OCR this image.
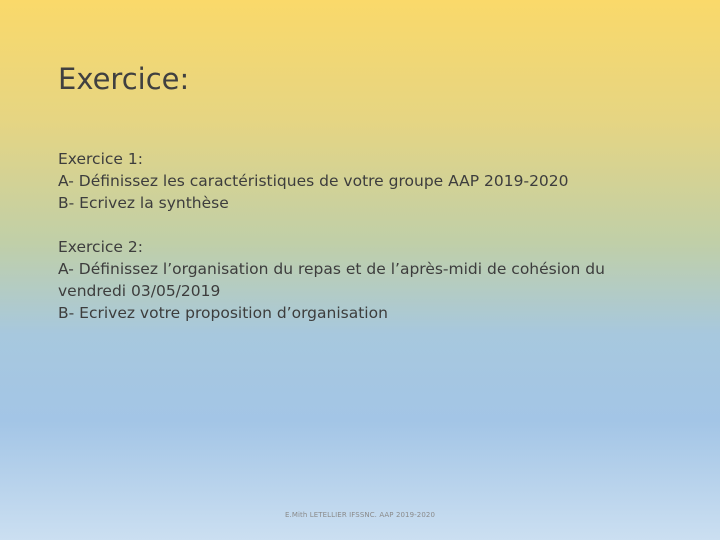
Exercice:
Exercice 1:
A- Définissez les caractéristiques de votre groupe AAP 2019-2020
B- Ecrivez la synthèse
Exercice 2:
A- Définissez l’organisation du repas et de l’après-midi de cohésion du vendredi 03/05/2019
B- Ecrivez votre proposition d’organisation
E.Mith LETELLIER IFSSNC. AAP 2019-2020
